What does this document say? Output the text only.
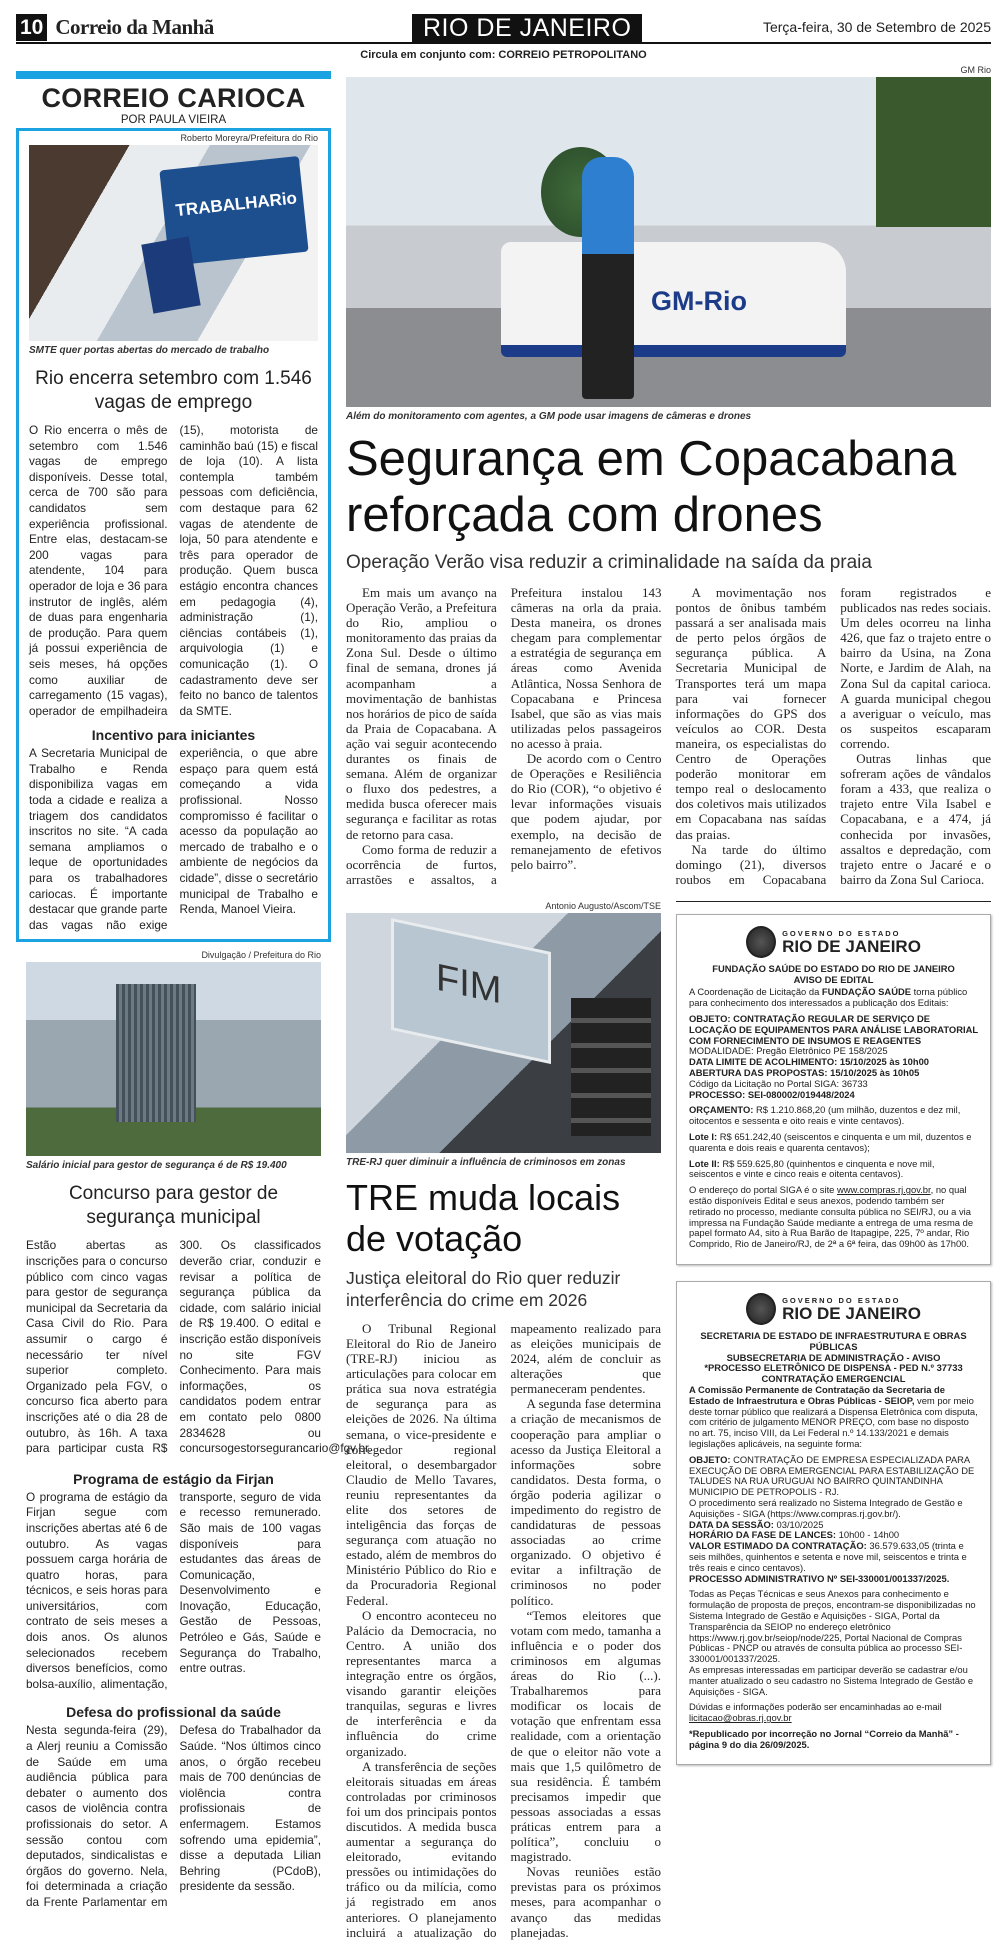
10 Correio da Manhã	RIO DE JANEIRO	Terça-feira, 30 de Setembro de 2025
Circula em conjunto com: CORREIO PETROPOLITANO
CORREIO CARIOCA
POR PAULA VIEIRA
Roberto Moreyra/Prefeitura do Rio
TRABALHARio
SMTE quer portas abertas do mercado de trabalho
Rio encerra setembro com 1.546 vagas de emprego

O Rio encerra o mês de setembro com 1.546 vagas de emprego disponíveis. Desse total, cerca de 700 são para candidatos sem experiência profissional. Entre elas, destacam-se 200 vagas para atendente, 104 para operador de loja e 36 para instrutor de inglês, além de duas para engenharia de produção. Para quem já possui experiência de seis meses, há opções como auxiliar de carregamento (15 vagas), operador de empilhadeira (15), motorista de caminhão baú (15) e fiscal de loja (10). A lista contempla também pessoas com deficiência, com destaque para 62 vagas de atendente de loja, 50 para atendente e três para operador de produção. Quem busca estágio encontra chances em pedagogia (4), administração (1), ciências contábeis (1), arquivologia (1) e comunicação (1). O cadastramento deve ser feito no banco de talentos da SMTE.

Incentivo para iniciantes

A Secretaria Municipal de Trabalho e Renda disponibiliza vagas em toda a cidade e realiza a triagem dos candidatos inscritos no site. “A cada semana ampliamos o leque de oportunidades para os trabalhadores cariocas. É importante destacar que grande parte das vagas não exige experiência, o que abre espaço para quem está começando a vida profissional. Nosso compromisso é facilitar o acesso da população ao mercado de trabalho e o ambiente de negócios da cidade”, disse o secretário municipal de Trabalho e Renda, Manoel Vieira.

Divulgação / Prefeitura do Rio
Salário inicial para gestor de segurança é de R$ 19.400
Concurso para gestor de segurança municipal

Estão abertas as inscrições para o concurso público com cinco vagas para gestor de segurança municipal da Secretaria da Casa Civil do Rio. Para assumir o cargo é necessário ter nível superior completo. Organizado pela FGV, o concurso fica aberto para inscrições até o dia 28 de outubro, às 16h. A taxa para participar custa R$ 300. Os classificados deverão criar, conduzir e revisar a política de segurança pública da cidade, com salário inicial de R$ 19.400. O edital e inscrição estão disponíveis no site FGV Conhecimento. Para mais informações, os candidatos podem entrar em contato pelo 0800 2834628 ou concursogestorsegurancario@fgv.br.

Programa de estágio da Firjan

O programa de estágio da Firjan segue com inscrições abertas até 6 de outubro. As vagas possuem carga horária de quatro horas, para técnicos, e seis horas para universitários, com contrato de seis meses a dois anos. Os alunos selecionados recebem diversos benefícios, como bolsa-auxílio, alimentação, transporte, seguro de vida e recesso remunerado. São mais de 100 vagas disponíveis para estudantes das áreas de Comunicação, Desenvolvimento e Inovação, Educação, Gestão de Pessoas, Petróleo e Gás, Saúde e Segurança do Trabalho, entre outras.

Defesa do profissional da saúde

Nesta segunda-feira (29), a Alerj reuniu a Comissão de Saúde em uma audiência pública para debater o aumento dos casos de violência contra profissionais do setor. A sessão contou com deputados, sindicalistas e órgãos do governo. Nela, foi determinada a criação da Frente Parlamentar em Defesa do Trabalhador da Saúde. “Nos últimos cinco anos, o órgão recebeu mais de 700 denúncias de violência contra profissionais de enfermagem. Estamos sofrendo uma epidemia”, disse a deputada Lilian Behring (PCdoB), presidente da sessão.

GM Rio
GM-Rio
Além do monitoramento com agentes, a GM pode usar imagens de câmeras e drones
Segurança em Copacabana reforçada com drones
Operação Verão visa reduzir a criminalidade na saída da praia

Em mais um avanço na Operação Verão, a Prefeitura do Rio, ampliou o monitoramento das praias da Zona Sul. Desde o último final de semana, drones já acompanham a movimentação de banhistas nos horários de pico de saída da Praia de Copacabana. A ação vai seguir acontecendo durantes os finais de semana. Além de organizar o fluxo dos pedestres, a medida busca oferecer mais segurança e facilitar as rotas de retorno para casa.

Como forma de reduzir a ocorrência de furtos, arrastões e assaltos, a Prefeitura instalou 143 câmeras na orla da praia. Desta maneira, os drones chegam para complementar a estratégia de segurança em áreas como Avenida Atlântica, Nossa Senhora de Copacabana e Princesa Isabel, que são as vias mais utilizadas pelos passageiros no acesso à praia.

De acordo com o Centro de Operações e Resiliência do Rio (COR), “o objetivo é levar informações visuais que podem ajudar, por exemplo, na decisão de remanejamento de efetivos pelo bairro”.

A movimentação nos pontos de ônibus também passará a ser analisada mais de perto pelos órgãos de segurança pública. A Secretaria Municipal de Transportes terá um mapa para vai fornecer informações do GPS dos veículos ao COR. Desta maneira, os especialistas do Centro de Operações poderão monitorar em tempo real o deslocamento dos coletivos mais utilizados em Copacabana nas saídas das praias.

Na tarde do último domingo (21), diversos roubos em Copacabana foram registrados e publicados nas redes sociais. Um deles ocorreu na linha 426, que faz o trajeto entre o bairro da Usina, na Zona Norte, e Jardim de Alah, na Zona Sul da capital carioca. A guarda municipal chegou a averiguar o veículo, mas os suspeitos escaparam correndo.

Outras linhas que sofreram ações de vândalos foram a 433, que realiza o trajeto entre Vila Isabel e Copacabana, e a 474, já conhecida por invasões, assaltos e depredação, com trajeto entre o Jacaré e o bairro da Zona Sul Carioca.

Antonio Augusto/Ascom/TSE
FIM
TRE-RJ quer diminuir a influência de criminosos em zonas
TRE muda locais de votação
Justiça eleitoral do Rio quer reduzir interferência do crime em 2026

O Tribunal Regional Eleitoral do Rio de Janeiro (TRE-RJ) iniciou as articulações para colocar em prática sua nova estratégia de segurança para as eleições de 2026. Na última semana, o vice-presidente e corregedor regional eleitoral, o desembargador Claudio de Mello Tavares, reuniu representantes da elite dos setores de inteligência das forças de segurança com atuação no estado, além de membros do Ministério Público do Rio e da Procuradoria Regional Federal.

O encontro aconteceu no Palácio da Democracia, no Centro. A união dos representantes marca a integração entre os órgãos, visando garantir eleições tranquilas, seguras e livres de interferência e da influência do crime organizado.

A transferência de seções eleitorais situadas em áreas controladas por criminosos foi um dos principais pontos discutidos. A medida busca aumentar a segurança do eleitorado, evitando pressões ou intimidações do tráfico ou da milícia, como já registrado em anos anteriores. O planejamento incluirá a atualização do mapeamento realizado para as eleições municipais de 2024, além de concluir as alterações que permaneceram pendentes.

A segunda fase determina a criação de mecanismos de cooperação para ampliar o acesso da Justiça Eleitoral a informações sobre candidatos. Desta forma, o órgão poderia agilizar o impedimento do registro de candidaturas de pessoas associadas ao crime organizado. O objetivo é evitar a infiltração de criminosos no poder político.

“Temos eleitores que votam com medo, tamanha a influência e o poder dos criminosos em algumas áreas do Rio (...). Trabalharemos para modificar os locais de votação que enfrentam essa realidade, com a orientação de que o eleitor não vote a mais que 1,5 quilômetro de sua residência. É também precisamos impedir que pessoas associadas a essas práticas entrem para a política”, concluiu o magistrado.

Novas reuniões estão previstas para os próximos meses, para acompanhar o avanço das medidas planejadas.

GOVERNO DO ESTADO
RIO DE JANEIRO
FUNDAÇÃO SAÚDE DO ESTADO DO RIO DE JANEIRO
AVISO DE EDITAL

A Coordenação de Licitação da FUNDAÇÃO SAÚDE torna público para conhecimento dos interessados a publicação dos Editais:

OBJETO: CONTRATAÇÃO REGULAR DE SERVIÇO DE LOCAÇÃO DE EQUIPAMENTOS PARA ANÁLISE LABORATORIAL COM FORNECIMENTO DE INSUMOS E REAGENTES
MODALIDADE: Pregão Eletrônico PE 158/2025
DATA LIMITE DE ACOLHIMENTO: 15/10/2025 às 10h00
ABERTURA DAS PROPOSTAS: 15/10/2025 às 10h05
Código da Licitação no Portal SIGA: 36733

PROCESSO: SEI-080002/019448/2024

ORÇAMENTO: R$ 1.210.868,20 (um milhão, duzentos e dez mil, oitocentos e sessenta e oito reais e vinte centavos).

Lote I: R$ 651.242,40 (seiscentos e cinquenta e um mil, duzentos e quarenta e dois reais e quarenta centavos);

Lote II: R$ 559.625,80 (quinhentos e cinquenta e nove mil, seiscentos e vinte e cinco reais e oitenta centavos).

O endereço do portal SIGA é o site www.compras.rj.gov.br, no qual estão disponíveis Edital e seus anexos, podendo também ser retirado no processo, mediante consulta pública no SEI/RJ, ou a via impressa na Fundação Saúde mediante a entrega de uma resma de papel formato A4, sito à Rua Barão de Itapagipe, 225, 7º andar, Rio Comprido, Rio de Janeiro/RJ, de 2ª a 6ª feira, das 09h00 às 17h00.

GOVERNO DO ESTADO
RIO DE JANEIRO
SECRETARIA DE ESTADO DE INFRAESTRUTURA E OBRAS PÚBLICAS
SUBSECRETARIA DE ADMINISTRAÇÃO - AVISO
*PROCESSO ELETRÔNICO DE DISPENSA - PED N.º 37733
CONTRATAÇÃO EMERGENCIAL

A Comissão Permanente de Contratação da Secretaria de Estado de Infraestrutura e Obras Públicas - SEIOP, vem por meio deste tornar público que realizará a Dispensa Eletrônica com disputa, com critério de julgamento MENOR PREÇO, com base no disposto no art. 75, inciso VIII, da Lei Federal n.º 14.133/2021 e demais legislações aplicáveis, na seguinte forma:

OBJETO: CONTRATAÇÃO DE EMPRESA ESPECIALIZADA PARA EXECUÇÃO DE OBRA EMERGENCIAL PARA ESTABILIZAÇÃO DE TALUDES NA RUA URUGUAI NO BAIRRO QUINTANDINHA MUNICIPIO DE PETROPOLIS - RJ.
O procedimento será realizado no Sistema Integrado de Gestão e Aquisições - SIGA (https://www.compras.rj.gov.br/).
DATA DA SESSÃO: 03/10/2025
HORÁRIO DA FASE DE LANCES: 10h00 - 14h00
VALOR ESTIMADO DA CONTRATAÇÃO: 36.579.633,05 (trinta e seis milhões, quinhentos e setenta e nove mil, seiscentos e trinta e três reais e cinco centavos).

PROCESSO ADMINISTRATIVO Nº SEI-330001/001337/2025.

Todas as Peças Técnicas e seus Anexos para conhecimento e formulação de proposta de preços, encontram-se disponibilizadas no Sistema Integrado de Gestão e Aquisições - SIGA, Portal da Transparência da SEIOP no endereço eletrônico https://www.rj.gov.br/seiop/node/225, Portal Nacional de Compras Públicas - PNCP ou através de consulta pública ao processo SEI-330001/001337/2025.

As empresas interessadas em participar deverão se cadastrar e/ou manter atualizado o seu cadastro no Sistema Integrado de Gestão e Aquisições - SIGA.

Dúvidas e informações poderão ser encaminhadas ao e-mail licitacao@obras.rj.gov.br

*Republicado por incorreção no Jornal “Correio da Manhã” - página 9 do dia 26/09/2025.
